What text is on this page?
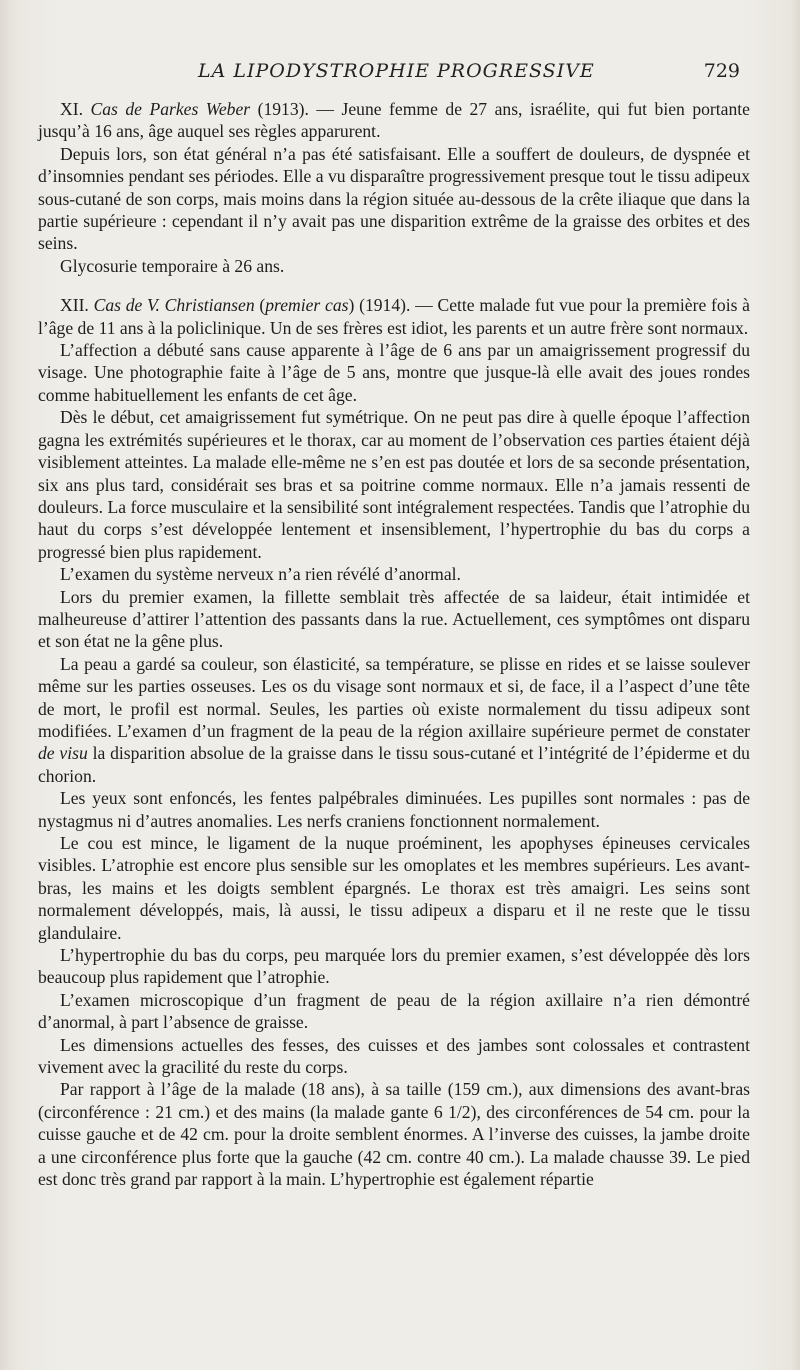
LA LIPODYSTROPHIE PROGRESSIVE	729

XI. Cas de Parkes Weber (1913). — Jeune femme de 27 ans, israélite, qui fut bien portante jusqu’à 16 ans, âge auquel ses règles apparurent.

Depuis lors, son état général n’a pas été satisfaisant. Elle a souffert de douleurs, de dyspnée et d’insomnies pendant ses périodes. Elle a vu disparaître progressivement presque tout le tissu adipeux sous-cutané de son corps, mais moins dans la région située au-dessous de la crête iliaque que dans la partie supérieure : cependant il n’y avait pas une disparition extrême de la graisse des orbites et des seins.

Glycosurie temporaire à 26 ans.

XII. Cas de V. Christiansen (premier cas) (1914). — Cette malade fut vue pour la première fois à l’âge de 11 ans à la policlinique. Un de ses frères est idiot, les parents et un autre frère sont normaux.

L’affection a débuté sans cause apparente à l’âge de 6 ans par un amaigrissement progressif du visage. Une photographie faite à l’âge de 5 ans, montre que jusque-là elle avait des joues rondes comme habituellement les enfants de cet âge.

Dès le début, cet amaigrissement fut symétrique. On ne peut pas dire à quelle époque l’affection gagna les extrémités supérieures et le thorax, car au moment de l’observation ces parties étaient déjà visiblement atteintes. La malade elle-même ne s’en est pas doutée et lors de sa seconde présentation, six ans plus tard, considérait ses bras et sa poitrine comme normaux. Elle n’a jamais ressenti de douleurs. La force musculaire et la sensibilité sont intégralement respectées. Tandis que l’atrophie du haut du corps s’est développée lentement et insensiblement, l’hypertrophie du bas du corps a progressé bien plus rapidement.

L’examen du système nerveux n’a rien révélé d’anormal.

Lors du premier examen, la fillette semblait très affectée de sa laideur, était intimidée et malheureuse d’attirer l’attention des passants dans la rue. Actuellement, ces symptômes ont disparu et son état ne la gêne plus.

La peau a gardé sa couleur, son élasticité, sa température, se plisse en rides et se laisse soulever même sur les parties osseuses. Les os du visage sont normaux et si, de face, il a l’aspect d’une tête de mort, le profil est normal. Seules, les parties où existe normalement du tissu adipeux sont modifiées. L’examen d’un fragment de la peau de la région axillaire supérieure permet de constater de visu la disparition absolue de la graisse dans le tissu sous-cutané et l’intégrité de l’épiderme et du chorion.

Les yeux sont enfoncés, les fentes palpébrales diminuées. Les pupilles sont normales : pas de nystagmus ni d’autres anomalies. Les nerfs craniens fonctionnent normalement.

Le cou est mince, le ligament de la nuque proéminent, les apophyses épineuses cervicales visibles. L’atrophie est encore plus sensible sur les omoplates et les membres supérieurs. Les avant-bras, les mains et les doigts semblent épargnés. Le thorax est très amaigri. Les seins sont normalement développés, mais, là aussi, le tissu adipeux a disparu et il ne reste que le tissu glandulaire.

L’hypertrophie du bas du corps, peu marquée lors du premier examen, s’est développée dès lors beaucoup plus rapidement que l’atrophie.

L’examen microscopique d’un fragment de peau de la région axillaire n’a rien démontré d’anormal, à part l’absence de graisse.

Les dimensions actuelles des fesses, des cuisses et des jambes sont colossales et contrastent vivement avec la gracilité du reste du corps.

Par rapport à l’âge de la malade (18 ans), à sa taille (159 cm.), aux dimensions des avant-bras (circonférence : 21 cm.) et des mains (la malade gante 6 1/2), des circonférences de 54 cm. pour la cuisse gauche et de 42 cm. pour la droite semblent énormes. A l’inverse des cuisses, la jambe droite a une circonférence plus forte que la gauche (42 cm. contre 40 cm.). La malade chausse 39. Le pied est donc très grand par rapport à la main. L’hypertrophie est également répartie
